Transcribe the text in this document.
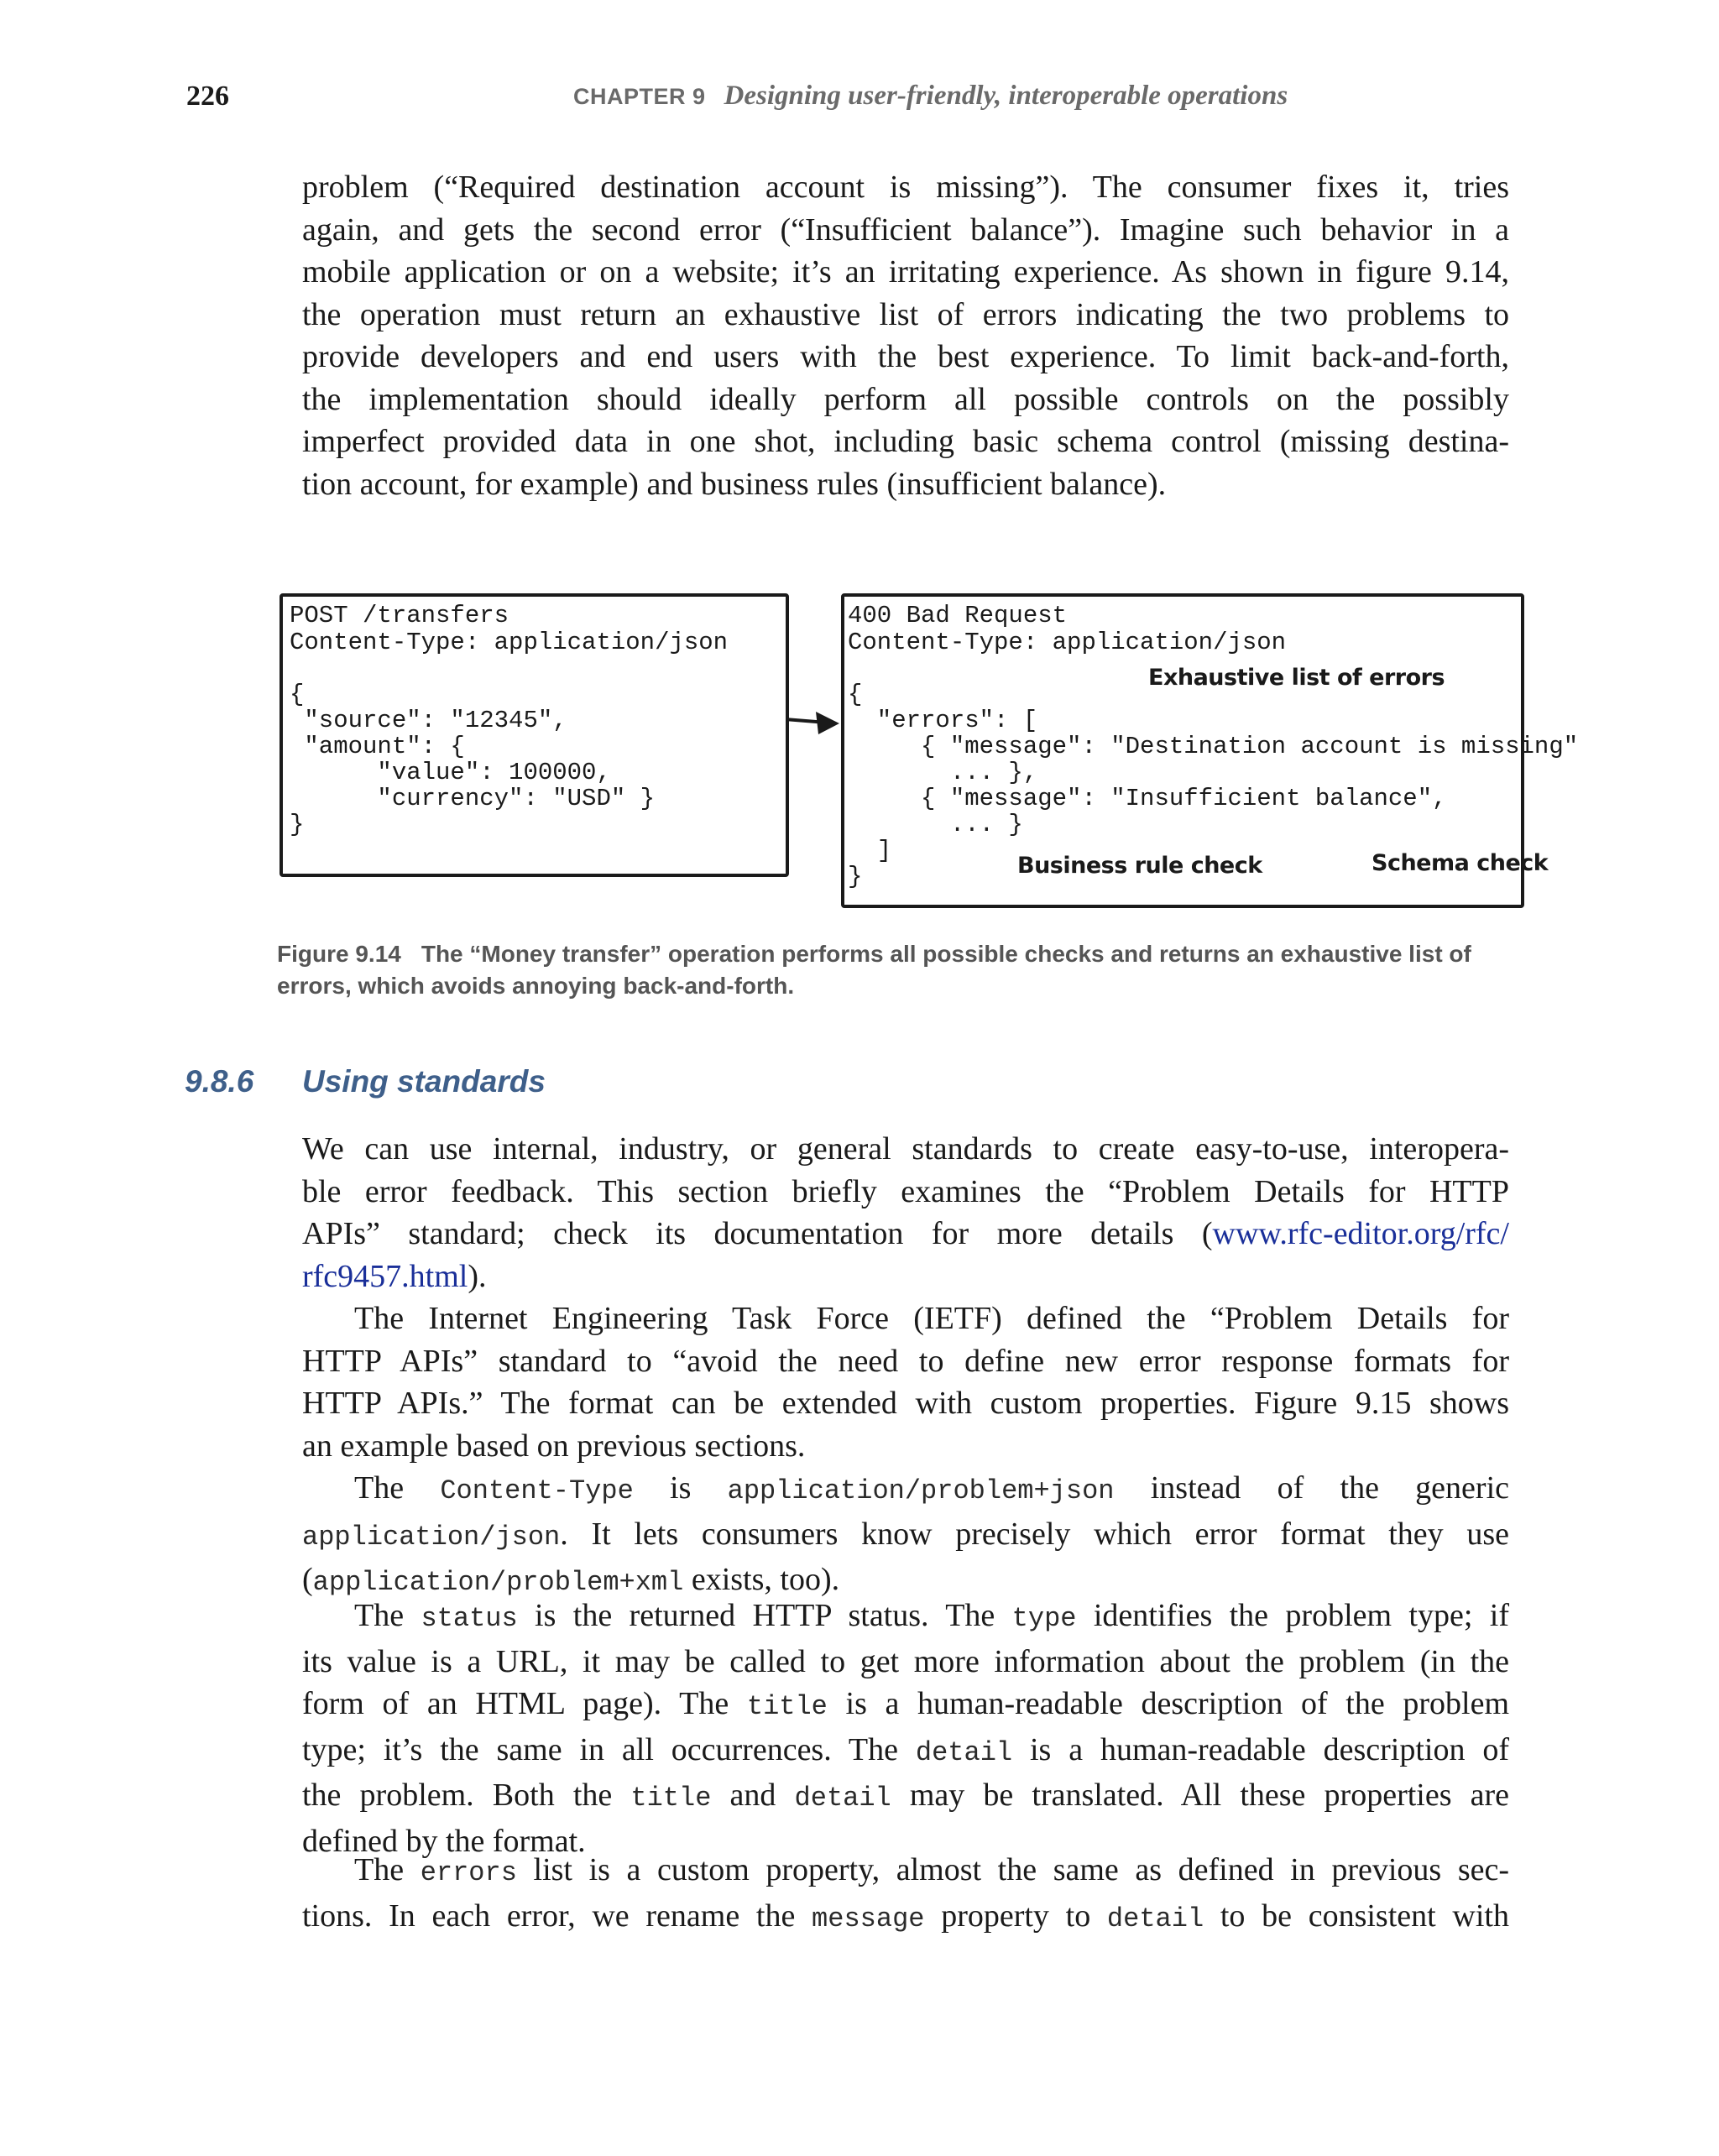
226	CHAPTER 9 Designing user-friendly, interoperable operations

problem (“Required destination account is missing”). The consumer fixes it, tries
again, and gets the second error (“Insufficient balance”). Imagine such behavior in a
mobile application or on a website; it’s an irritating experience. As shown in figure 9.14,
the operation must return an exhaustive list of errors indicating the two problems to
provide developers and end users with the best experience. To limit back-and-forth,
the implementation should ideally perform all possible controls on the possibly
imperfect provided data in one shot, including basic schema control (missing destina-
tion account, for example) and business rules (insufficient balance).

POST /transfers
Content-Type: application/json
{
"source": "12345",
"amount": {
"value": 100000,
"currency": "USD" }
}
400 Bad Request
Content-Type: application/json
{
"errors": [
{ "message": "Destination account is missing"
... },
{ "message": "Insufficient balance",
... }
]
}
Exhaustive list of errors
Business rule check	Schema check
Figure 9.14 The “Money transfer” operation performs all possible checks and returns an exhaustive list of errors, which avoids annoying back-and-forth.
9.8.6 Using standards

We can use internal, industry, or general standards to create easy-to-use, interopera-
ble error feedback. This section briefly examines the “Problem Details for HTTP
APIs” standard; check its documentation for more details (www.rfc-editor.org/rfc/
rfc9457.html).

The Internet Engineering Task Force (IETF) defined the “Problem Details for
HTTP APIs” standard to “avoid the need to define new error response formats for
HTTP APIs.” The format can be extended with custom properties. Figure 9.15 shows
an example based on previous sections.

The Content-Type is application/problem+json instead of the generic
application/json. It lets consumers know precisely which error format they use
(application/problem+xml exists, too).

The status is the returned HTTP status. The type identifies the problem type; if
its value is a URL, it may be called to get more information about the problem (in the
form of an HTML page). The title is a human-readable description of the problem
type; it’s the same in all occurrences. The detail is a human-readable description of
the problem. Both the title and detail may be translated. All these properties are
defined by the format.

The errors list is a custom property, almost the same as defined in previous sec-
tions. In each error, we rename the message property to detail to be consistent with
